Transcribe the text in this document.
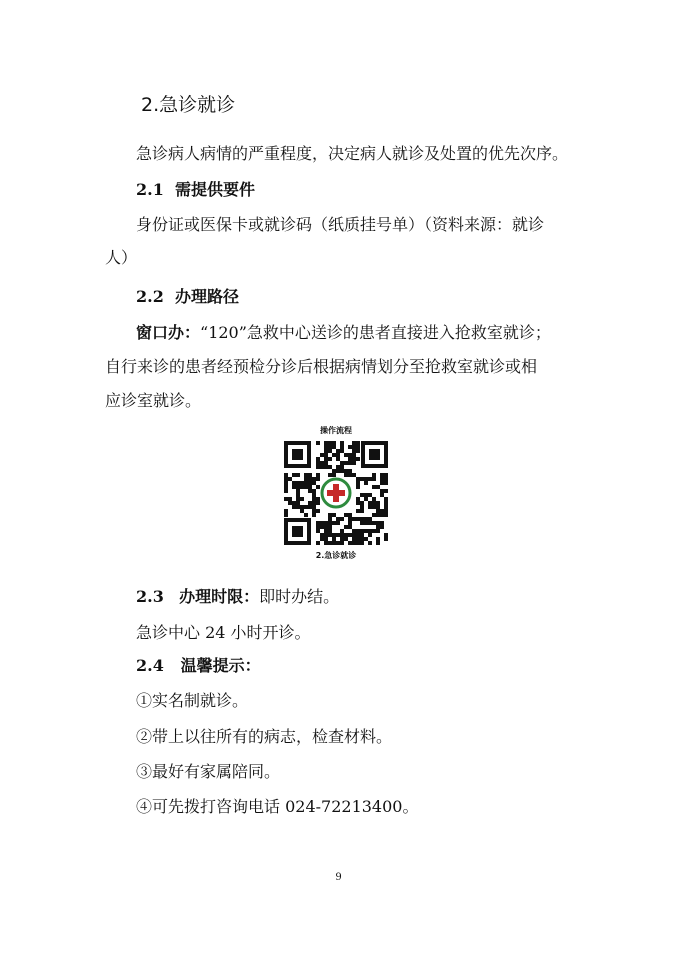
2.急诊就诊
急诊病人病情的严重程度，决定病人就诊及处置的优先次序。
2.1 需提供要件
身份证或医保卡或就诊码（纸质挂号单）（资料来源：就诊
人）
2.2 办理路径
窗口办：“120”急救中心送诊的患者直接进入抢救室就诊；
自行来诊的患者经预检分诊后根据病情划分至抢救室就诊或相
应诊室就诊。
操作流程
2.急诊就诊
2.3 办理时限：即时办结。
急诊中心 24 小时开诊。
2.4 温馨提示：
①实名制就诊。
②带上以往所有的病志，检查材料。
③最好有家属陪同。
④可先拨打咨询电话 024-72213400。
9
